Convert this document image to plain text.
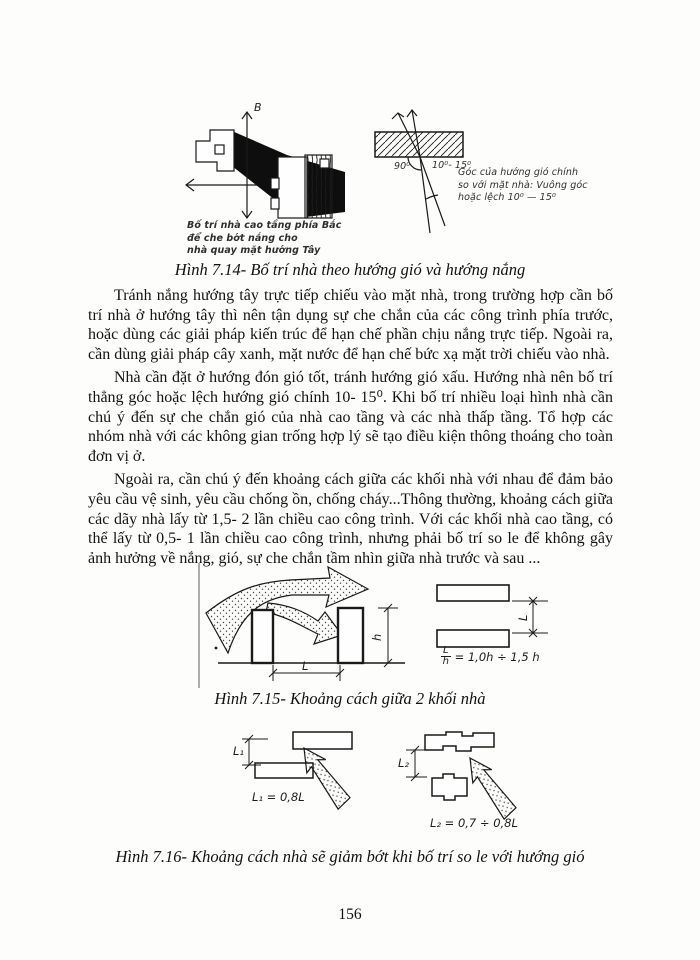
B
Bố trí nhà cao tầng phía Bắc
để che bớt nắng cho
nhà quay mặt hướng Tây
90⁰ 10⁰- 15⁰
Góc của hướng gió chính
so với mặt nhà: Vuông góc
hoặc lệch 10⁰ — 15⁰
Hình 7.14- Bố trí nhà theo hướng gió và hướng nắng

Tránh nắng hướng tây trực tiếp chiếu vào mặt nhà, trong trường hợp cần bố trí nhà ở hướng tây thì nên tận dụng sự che chắn của các công trình phía trước, hoặc dùng các giải pháp kiến trúc để hạn chế phần chịu nắng trực tiếp. Ngoài ra, cần dùng giải pháp cây xanh, mặt nước để hạn chế bức xạ mặt trời chiếu vào nhà.

Nhà cần đặt ở hướng đón gió tốt, tránh hướng gió xấu. Hướng nhà nên bố trí thẳng góc hoặc lệch hướng gió chính 10- 15⁰. Khi bố trí nhiều loại hình nhà cần chú ý đến sự che chắn gió của nhà cao tầng và các nhà thấp tầng. Tổ hợp các nhóm nhà với các không gian trống hợp lý sẽ tạo điều kiện thông thoáng cho toàn đơn vị ở.

Ngoài ra, cần chú ý đến khoảng cách giữa các khối nhà với nhau để đảm bảo yêu cầu vệ sinh, yêu cầu chống ồn, chống cháy...Thông thường, khoảng cách giữa các dãy nhà lấy từ 1,5- 2 lần chiều cao công trình. Với các khối nhà cao tầng, có thể lấy từ 0,5- 1 lần chiều cao công trình, nhưng phải bố trí so le để không gây ảnh hưởng về nắng, gió, sự che chắn tầm nhìn giữa nhà trước và sau ...

L
h
L
$\frac{L}{h} = 1,0h \div 1,5$ h
Hình 7.15- Khoảng cách giữa 2 khối nhà
L₁
L₁ = 0,8L
L₂
L₂ = 0,7 ÷ 0,8L
Hình 7.16- Khoảng cách nhà sẽ giảm bớt khi bố trí so le với hướng gió
156
